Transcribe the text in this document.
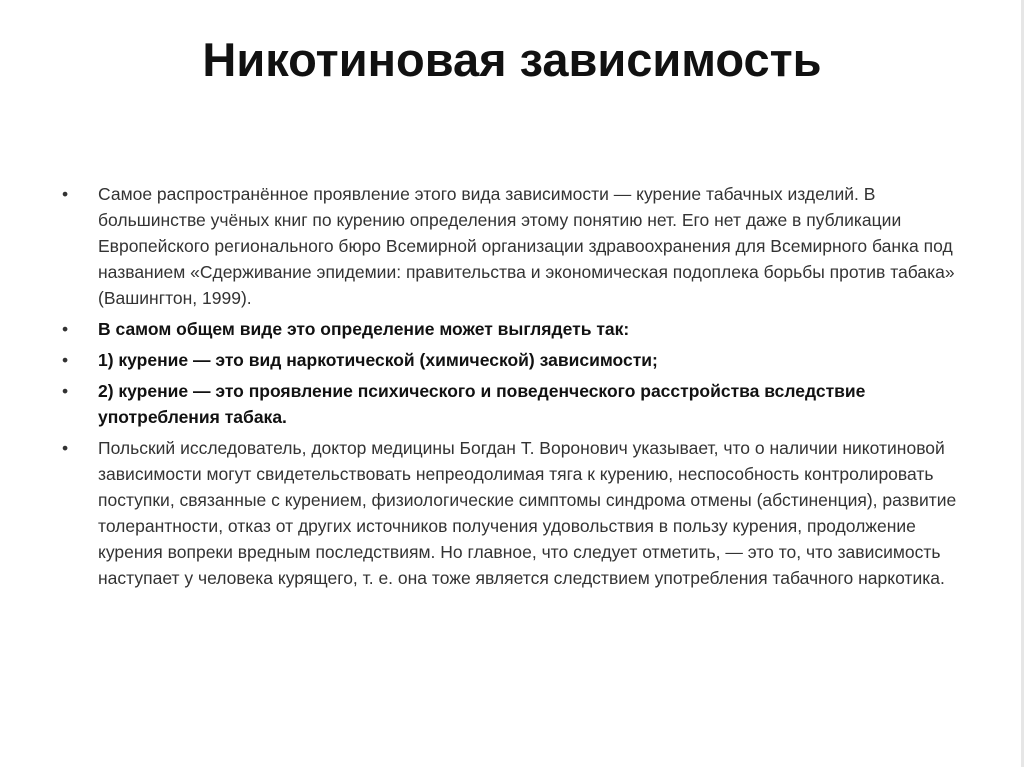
Никотиновая зависимость
•	Самое распространённое проявление этого вида зависимости — курение табачных изделий. В большинстве учёных книг по курению определения этому понятию нет. Его нет даже в публикации Европейского регионального бюро Всемирной организации здравоохранения для Всемирного банка под названием «Сдерживание эпидемии: правительства и экономическая подоплека борьбы против табака» (Вашингтон, 1999).
•	В самом общем виде это определение может выглядеть так:
•	1) курение — это вид наркотической (химической) зависимости;
•	2) курение — это проявление психического и поведенческого расстройства вследствие употребления табака.
•	Польский исследователь, доктор медицины Богдан Т. Воронович указывает, что о наличии никотиновой зависимости могут свидетельствовать непреодолимая тяга к курению, неспособность контролировать поступки, связанные с курением, физиологические симптомы синдрома отмены (абстиненция), развитие толерантности, отказ от других источников получения удовольствия в пользу курения, продолжение курения вопреки вредным последствиям. Но главное, что следует отметить, — это то, что зависимость наступает у человека курящего, т. е. она тоже является следствием употребления табачного наркотика.
